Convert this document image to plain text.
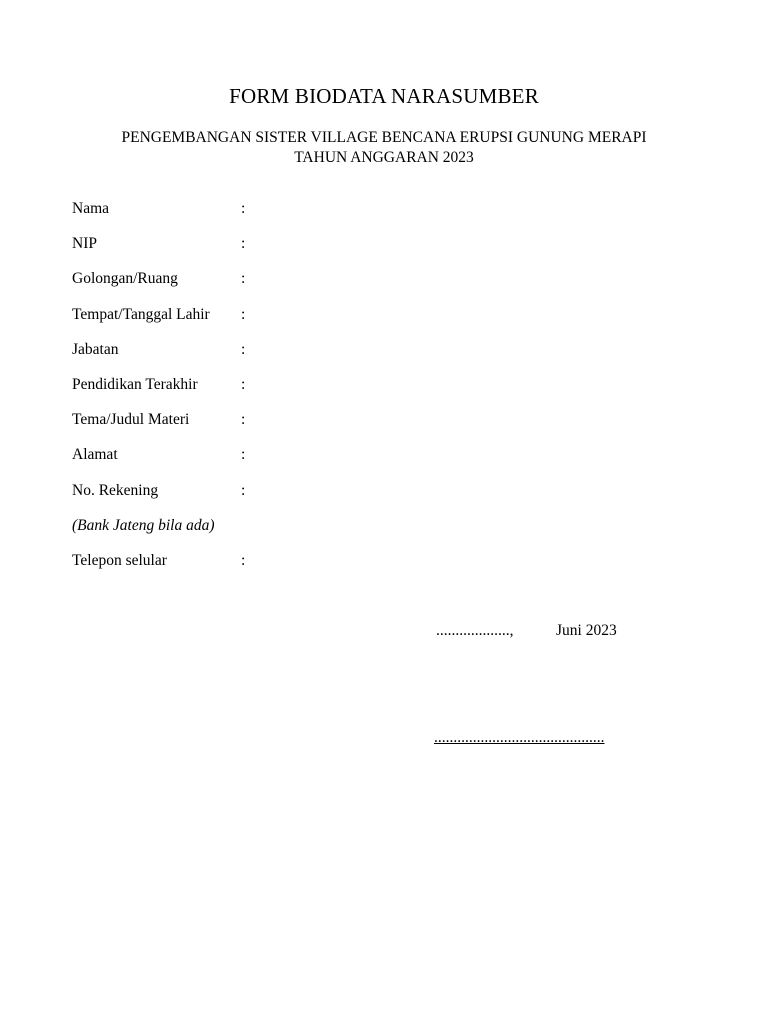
FORM BIODATA NARASUMBER
PENGEMBANGAN SISTER VILLAGE BENCANA ERUPSI GUNUNG MERAPI
TAHUN ANGGARAN 2023
Nama	:
NIP	:
Golongan/Ruang	:
Tempat/Tanggal Lahir :
Jabatan	:
Pendidikan Terakhir	:
Tema/Judul Materi	:
Alamat	:
No. Rekening	:
(Bank Jateng bila ada)
Telepon selular	:
...................,	Juni 2023
............................................
